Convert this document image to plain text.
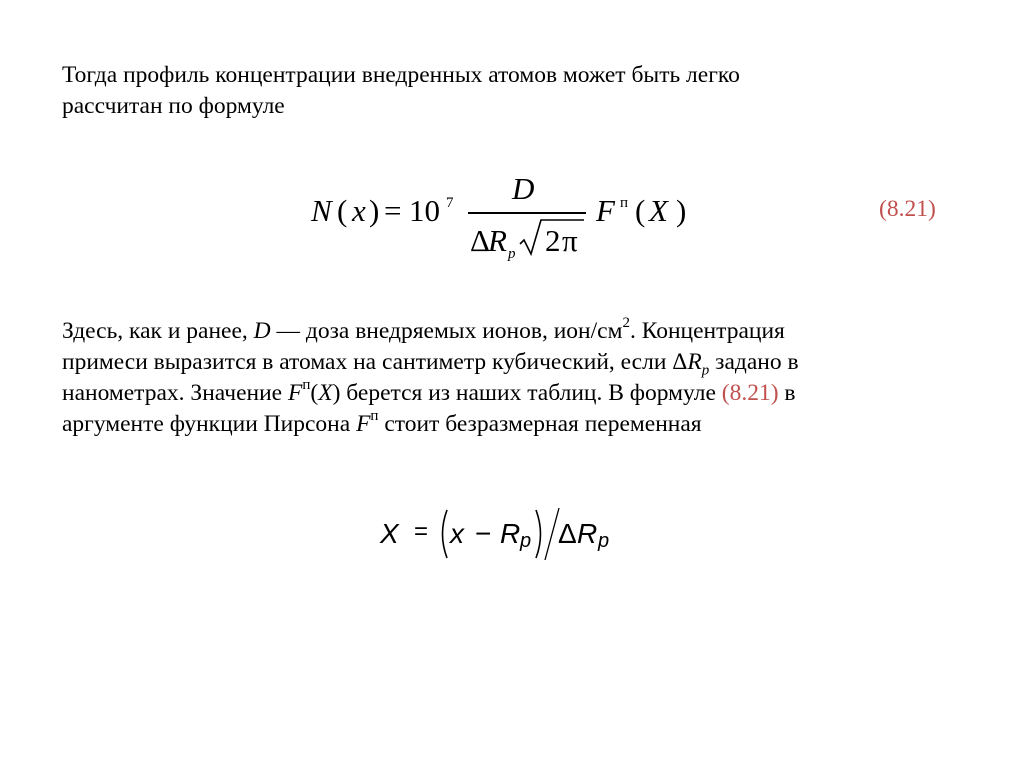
Тогда профиль концентрации внедренных атомов может быть легко
рассчитан по формуле
N ( x ) = 10 7 D
Δ
R p 2 π
F п ( X )	(8.21)
Здесь, как и ранее, D — доза внедряемых ионов, ион/$см^2$. Концентрация
примеси выразится в атомах на сантиметр кубический, если $\Delta R_p$ задано в
нанометрах. Значение $F^п(X)$ берется из наших таблиц. В формуле (8.21) в
аргументе функции Пирсона $F^п$ стоит безразмерная переменная
X = x − R p Δ R p
